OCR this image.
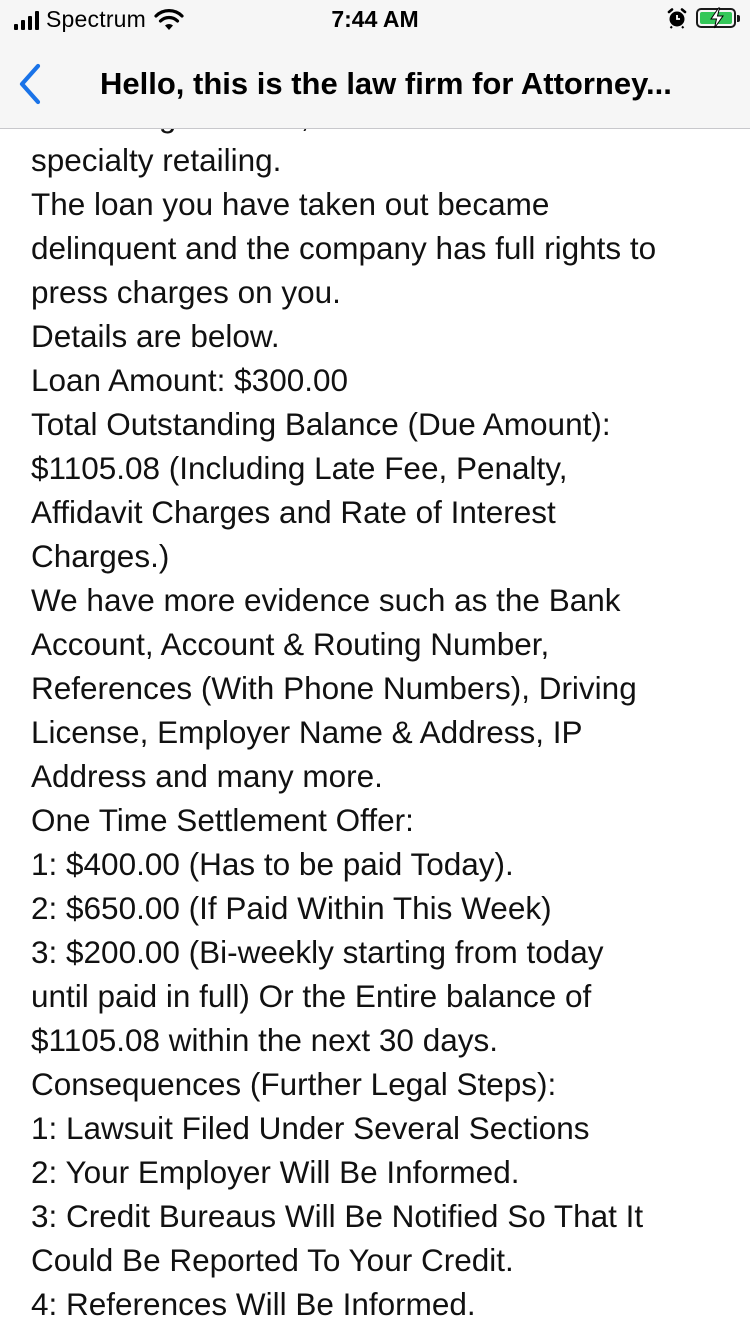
Spectrum	7:44 AM
Hello, this is the law firm for Attorney...
specialty retailing.
The loan you have taken out became
delinquent and the company has full rights to
press charges on you.
Details are below.
Loan Amount: $300.00
Total Outstanding Balance (Due Amount):
$1105.08 (Including Late Fee, Penalty,
Affidavit Charges and Rate of Interest
Charges.)
We have more evidence such as the Bank
Account, Account & Routing Number,
References (With Phone Numbers), Driving
License, Employer Name & Address, IP
Address and many more.
One Time Settlement Offer:
1: $400.00 (Has to be paid Today).
2: $650.00 (If Paid Within This Week)
3: $200.00 (Bi-weekly starting from today
until paid in full) Or the Entire balance of
$1105.08 within the next 30 days.
Consequences (Further Legal Steps):
1: Lawsuit Filed Under Several Sections
2: Your Employer Will Be Informed.
3: Credit Bureaus Will Be Notified So That It
Could Be Reported To Your Credit.
4: References Will Be Informed.
